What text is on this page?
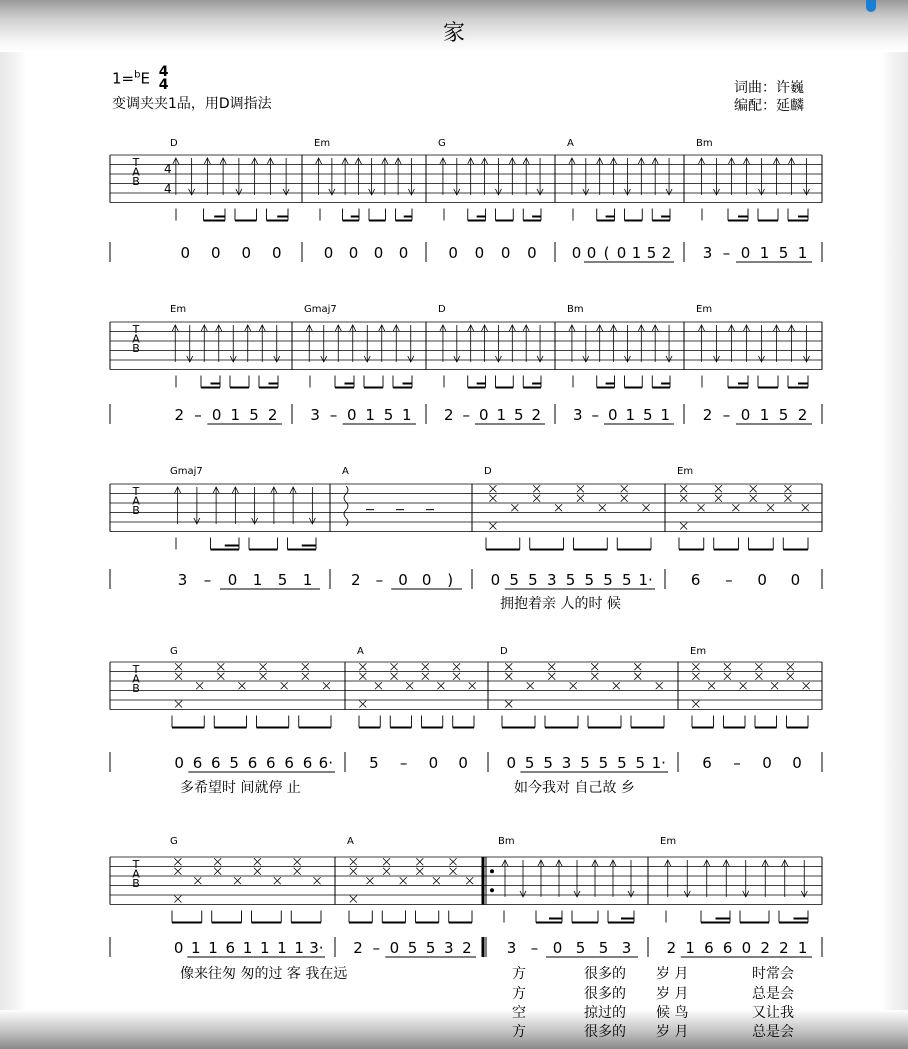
家
1=$^b$E 4
4
变调夹夹1品，用D调指法
词曲：许巍
编配：延麟
T
A
B
4
4
D
0 0 0 0
Em
0 0 0 0
G
0 0 0 0
A
0 0 ( 0 1 5 2
Bm
3 – 0 1 5 1
T
A
B
Em
2 – 0 1 5 2
Gmaj7
3 – 0 1 5 1
D
2 – 0 1 5 2
Bm
3 – 0 1 5 1
Em
2 – 0 1 5 2
T
A
B
Gmaj7
3 – 0 1 5 1
A
2 – 0 0 )
D
0 5 5 3 5 5 5 5 1·
Em
6 – 0 0
拥抱着亲 人的时 候
T
A
B
G
0 6 6 5 6 6 6 6 6·
A
5 – 0 0
D
0 5 5 3 5 5 5 5 1·
Em
6 – 0 0
多希望时 间就停 止	如今我对 自己故 乡
T
A
B
G
0 1 1 6 1 1 1 1 3·
A
2 – 0 5 5 3 2
Bm
3 – 0 5 5 3
Em
2 1 6 6 0 2 2 1
像来往匆 匆的过 客 我在远	方	很多的 岁 月	时常会
方	很多的 岁 月	总是会
空	掠过的 候 鸟	又让我
方	很多的 岁 月	总是会
